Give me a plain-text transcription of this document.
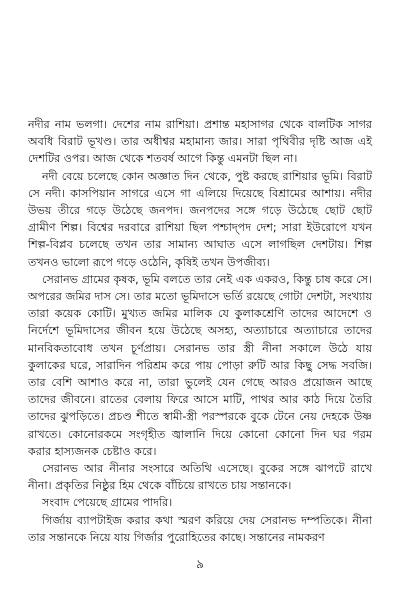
নদীর নাম ভলগা। দেশের নাম রাশিয়া। প্রশান্ত মহাসাগর থেকে বালটিক সাগর অবধি বিরাট ভূখণ্ড। তার অধীশ্বর মহামান্য জার। সারা পৃথিবীর দৃষ্টি আজ এই দেশটির ওপর। আজ থেকে শতবর্ষ আগে কিন্তু এমনটা ছিল না।

নদী বেয়ে চলেছে কোন অজ্ঞাত দিন থেকে, পুষ্ট করছে রাশিয়ার ভূমি। বিরাট সে নদী। কাসপিয়ান সাগরে এসে গা এলিয়ে দিয়েছে বিশ্রামের আশায়। নদীর উভয় তীরে গড়ে উঠেছে জনপদ। জনপদের সঙ্গে গড়ে উঠেছে ছোট ছোট গ্রামীণ শিল্প। বিশ্বের দরবারে রাশিয়া ছিল পশ্চাদ্‌পদ দেশ; সারা ইউরোপে যখন শিল্প-বিপ্লব চলেছে তখন তার সামান্য আঘাত এসে লাগছিল দেশটায়। শিল্প তখনও ভালো রূপে গড়ে ওঠেনি, কৃষিই তখন উপজীব্য।

সেরানভ গ্রামের কৃষক, ভূমি বলতে তার নেই এক একরও, কিন্তু চাষ করে সে। অপরের জমির দাস সে। তার মতো ভূমিদাসে ভর্তি রয়েছে গোটা দেশটা, সংখ্যায় তারা কয়েক কোটি। মুখ্যত জমির মালিক যে কুলাকশ্রেণি তাদের আদেশে ও নির্দেশে ভূমিদাসের জীবন হয়ে উঠেছে অসহ্য, অত্যাচারে অত্যাচারে তাদের মানবিকতাবোধ তখন চূর্ণপ্রায়। সেরানভ তার স্ত্রী নীনা সকালে উঠে যায় কুলাকের ঘরে, সারাদিন পরিশ্রম করে পায় পোড়া রুটি আর কিছু সেদ্ধ সবজি। তার বেশি আশাও করে না, তারা ভুলেই যেন গেছে আরও প্রয়োজন আছে তাদের জীবনে। রাতের বেলায় ফিরে আসে মাটি, পাথর আর কাঠ দিয়ে তৈরি তাদের ঝুপড়িতে। প্রচণ্ড শীতে স্বামী-স্ত্রী পরস্পরকে বুকে টেনে নেয় দেহকে উষ্ণ রাখতে। কোনোরকমে সংগৃহীত জ্বালানি দিয়ে কোনো কোনো দিন ঘর গরম করার হাস্যজনক চেষ্টাও করে।

সেরানভ আর নীনার সংসারে অতিথি এসেছে। বুকের সঙ্গে ঝাপটে রাখে নীনা। প্রকৃতির নিষ্ঠুর হিম থেকে বাঁচিয়ে রাখতে চায় সন্তানকে।

সংবাদ পেয়েছে গ্রামের পাদরি।

গির্জায় ব্যাপটাইজ করার কথা স্মরণ করিয়ে দেয় সেরানভ দম্পতিকে। নীনা তার সন্তানকে নিয়ে যায় গির্জার পুরোহিতের কাছে। সন্তানের নামকরণ

৯
